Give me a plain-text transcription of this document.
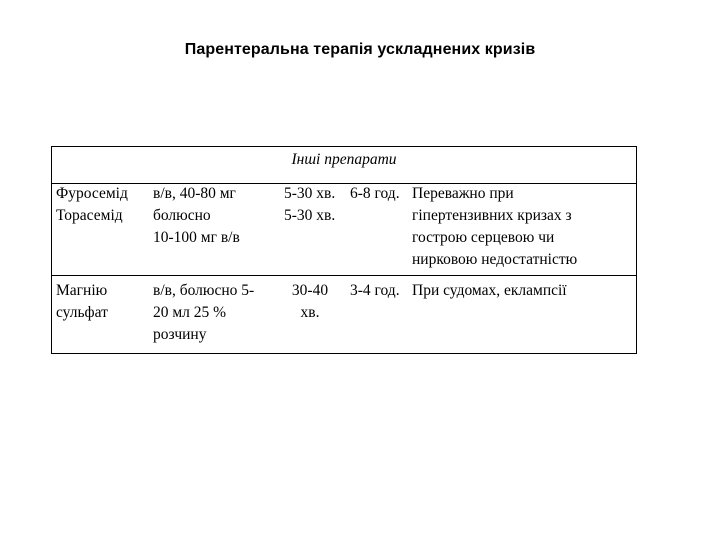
Парентеральна терапія ускладнених кризів
Інші препарати
Фуросемід
Торасемід
в/в, 40-80 мг
болюсно
10-100 мг в/в
5-30 хв.
5-30 хв.
6-8 год. Переважно при
гіпертензивних кризах з
гострою серцевою чи
нирковою недостатністю
Магнію
сульфат
в/в, болюсно 5-
20 мл 25 %
розчину
30-40
хв.
3-4 год. При судомах, еклампсії
